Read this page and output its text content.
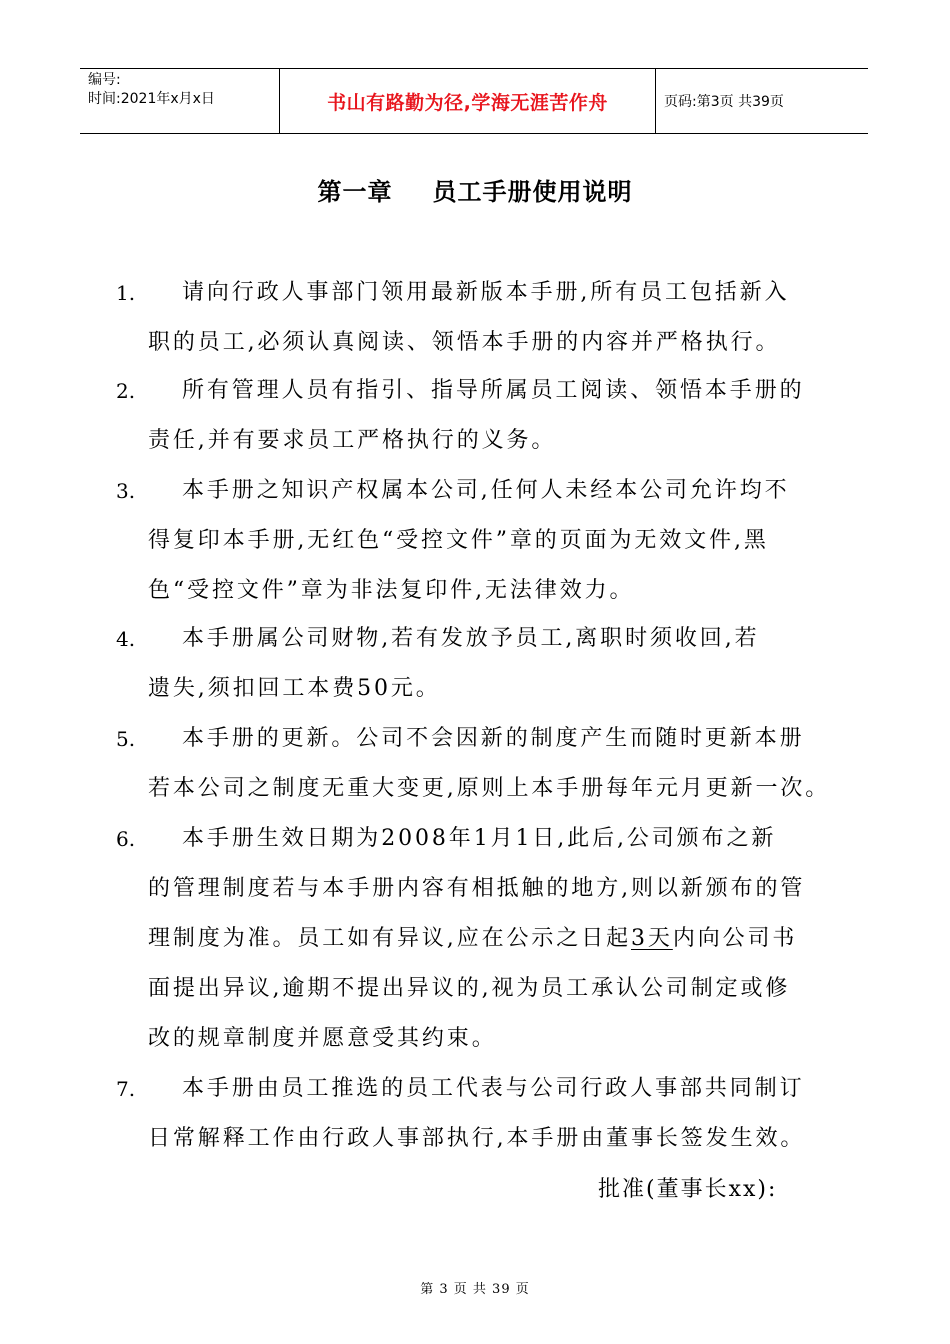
编号:
时间:2021年x月x日	书山有路勤为径,学海无涯苦作舟	页码:第3页 共39页
第一章 员工手册使用说明
1. 请向行政人事部门领用最新版本手册,所有员工包括新入
职的员工,必须认真阅读、领悟本手册的内容并严格执行。
2. 所有管理人员有指引、指导所属员工阅读、领悟本手册的
责任,并有要求员工严格执行的义务。
3. 本手册之知识产权属本公司,任何人未经本公司允许均不
得复印本手册,无红色“受控文件”章的页面为无效文件,黑
色“受控文件”章为非法复印件,无法律效力。
4. 本手册属公司财物,若有发放予员工,离职时须收回,若
遗失,须扣回工本费50元。
5. 本手册的更新。公司不会因新的制度产生而随时更新本册
若本公司之制度无重大变更,原则上本手册每年元月更新一次。
6. 本手册生效日期为2008年1月1日,此后,公司颁布之新
的管理制度若与本手册内容有相抵触的地方,则以新颁布的管
理制度为准。员工如有异议,应在公示之日起3天内向公司书
面提出异议,逾期不提出异议的,视为员工承认公司制定或修
改的规章制度并愿意受其约束。
7. 本手册由员工推选的员工代表与公司行政人事部共同制订
日常解释工作由行政人事部执行,本手册由董事长签发生效。
批准(董事长xx):
第 3 页 共 39 页
